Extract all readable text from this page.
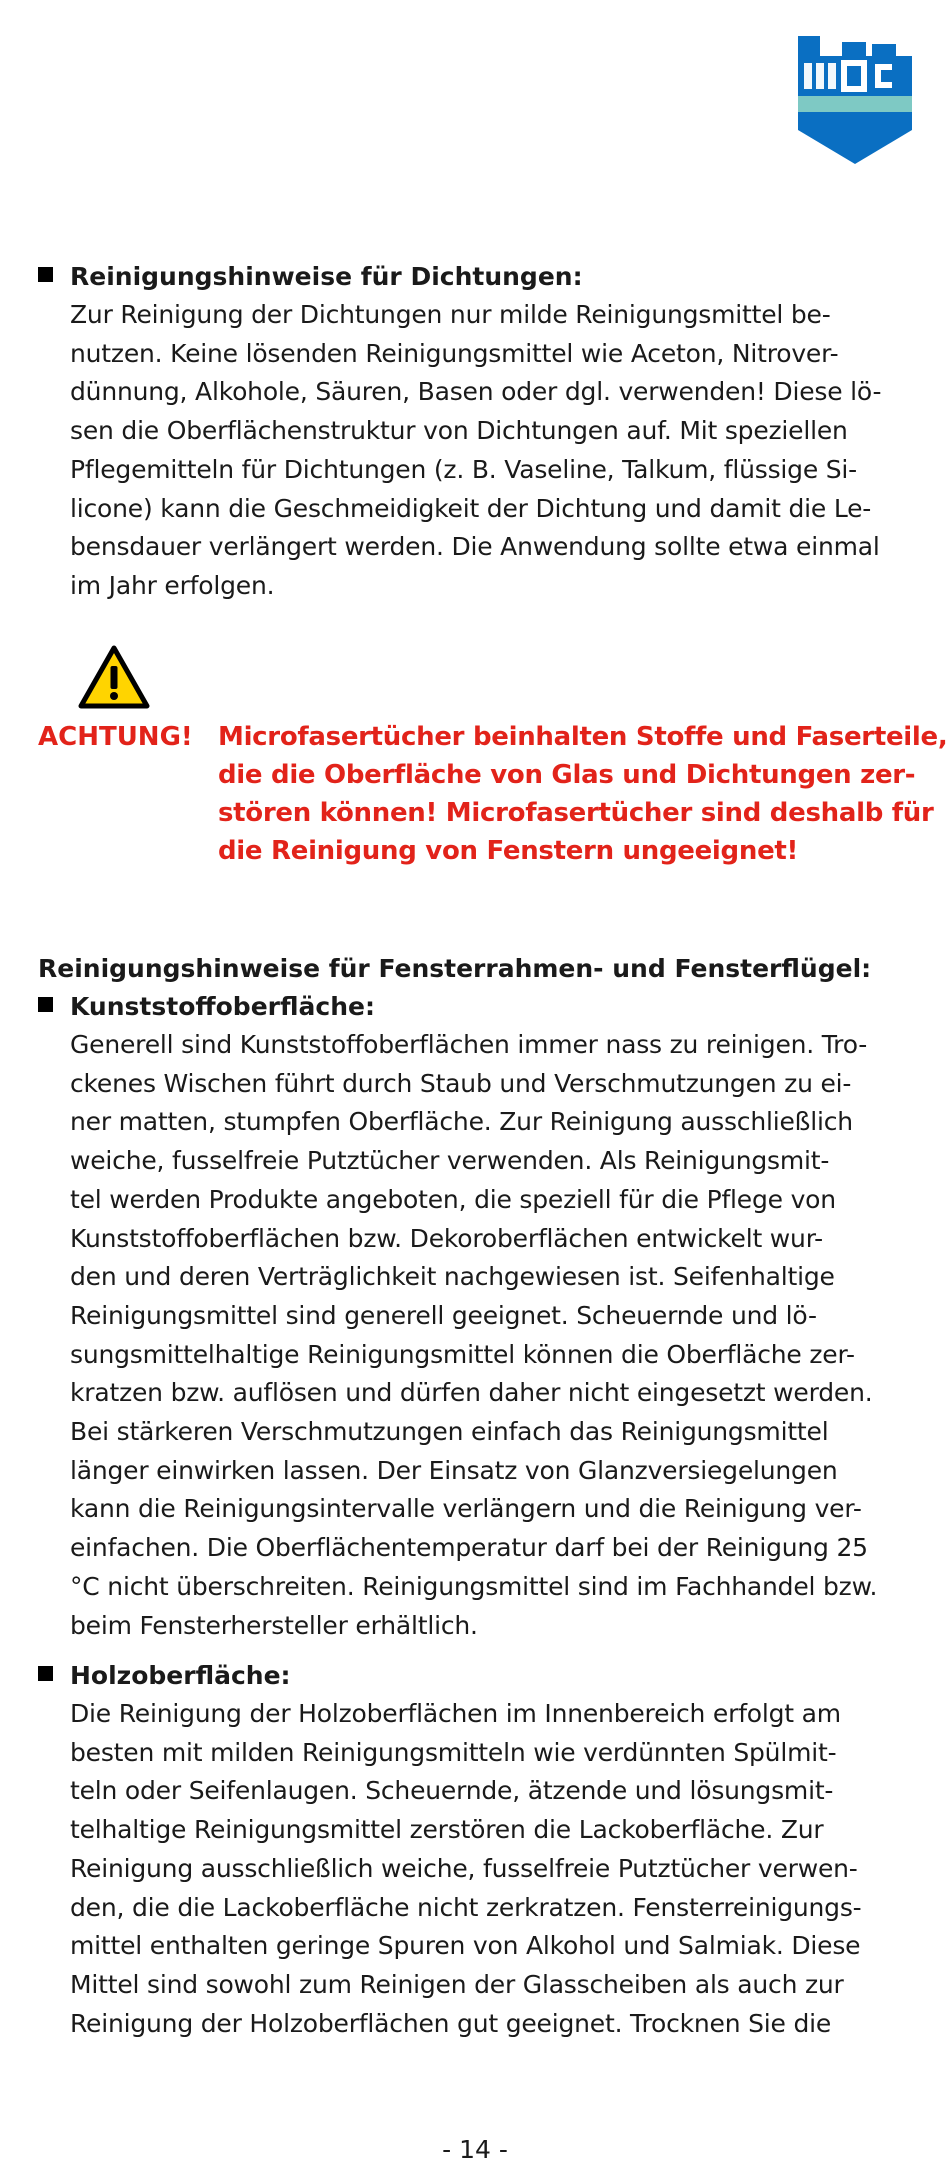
maco

Reinigungshinweise für Dichtungen:

Zur Reinigung der Dichtungen nur milde Reinigungsmittel be-
nutzen. Keine lösenden Reinigungsmittel wie Aceton, Nitrover-
dünnung, Alkohole, Säuren, Basen oder dgl. verwenden! Diese lö-
sen die Oberflächenstruktur von Dichtungen auf. Mit speziellen
Pflegemitteln für Dichtungen (z. B. Vaseline, Talkum, flüssige Si-
licone) kann die Geschmeidigkeit der Dichtung und damit die Le-
bensdauer verlängert werden. Die Anwendung sollte etwa einmal
im Jahr erfolgen.

ACHTUNG! Microfasertücher beinhalten Stoffe und Faserteile,
die die Oberfläche von Glas und Dichtungen zer-
stören können! Microfasertücher sind deshalb für
die Reinigung von Fenstern ungeeignet!
Reinigungshinweise für Fensterrahmen- und Fensterflügel:

Kunststoffoberfläche:

Generell sind Kunststoffoberflächen immer nass zu reinigen. Tro-
ckenes Wischen führt durch Staub und Verschmutzungen zu ei-
ner matten, stumpfen Oberfläche. Zur Reinigung ausschließlich
weiche, fusselfreie Putztücher verwenden. Als Reinigungsmit-
tel werden Produkte angeboten, die speziell für die Pflege von
Kunststoffoberflächen bzw. Dekoroberflächen entwickelt wur-
den und deren Verträglichkeit nachgewiesen ist. Seifenhaltige
Reinigungsmittel sind generell geeignet. Scheuernde und lö-
sungsmittelhaltige Reinigungsmittel können die Oberfläche zer-
kratzen bzw. auflösen und dürfen daher nicht eingesetzt werden.
Bei stärkeren Verschmutzungen einfach das Reinigungsmittel
länger einwirken lassen. Der Einsatz von Glanzversiegelungen
kann die Reinigungsintervalle verlängern und die Reinigung ver-
einfachen. Die Oberflächentemperatur darf bei der Reinigung 25
°C nicht überschreiten. Reinigungsmittel sind im Fachhandel bzw.
beim Fensterhersteller erhältlich.

Holzoberfläche:

Die Reinigung der Holzoberflächen im Innenbereich erfolgt am
besten mit milden Reinigungsmitteln wie verdünnten Spülmit-
teln oder Seifenlaugen. Scheuernde, ätzende und lösungsmit-
telhaltige Reinigungsmittel zerstören die Lackoberfläche. Zur
Reinigung ausschließlich weiche, fusselfreie Putztücher verwen-
den, die die Lackoberfläche nicht zerkratzen. Fensterreinigungs-
mittel enthalten geringe Spuren von Alkohol und Salmiak. Diese
Mittel sind sowohl zum Reinigen der Glasscheiben als auch zur
Reinigung der Holzoberflächen gut geeignet. Trocknen Sie die

- 14 -
